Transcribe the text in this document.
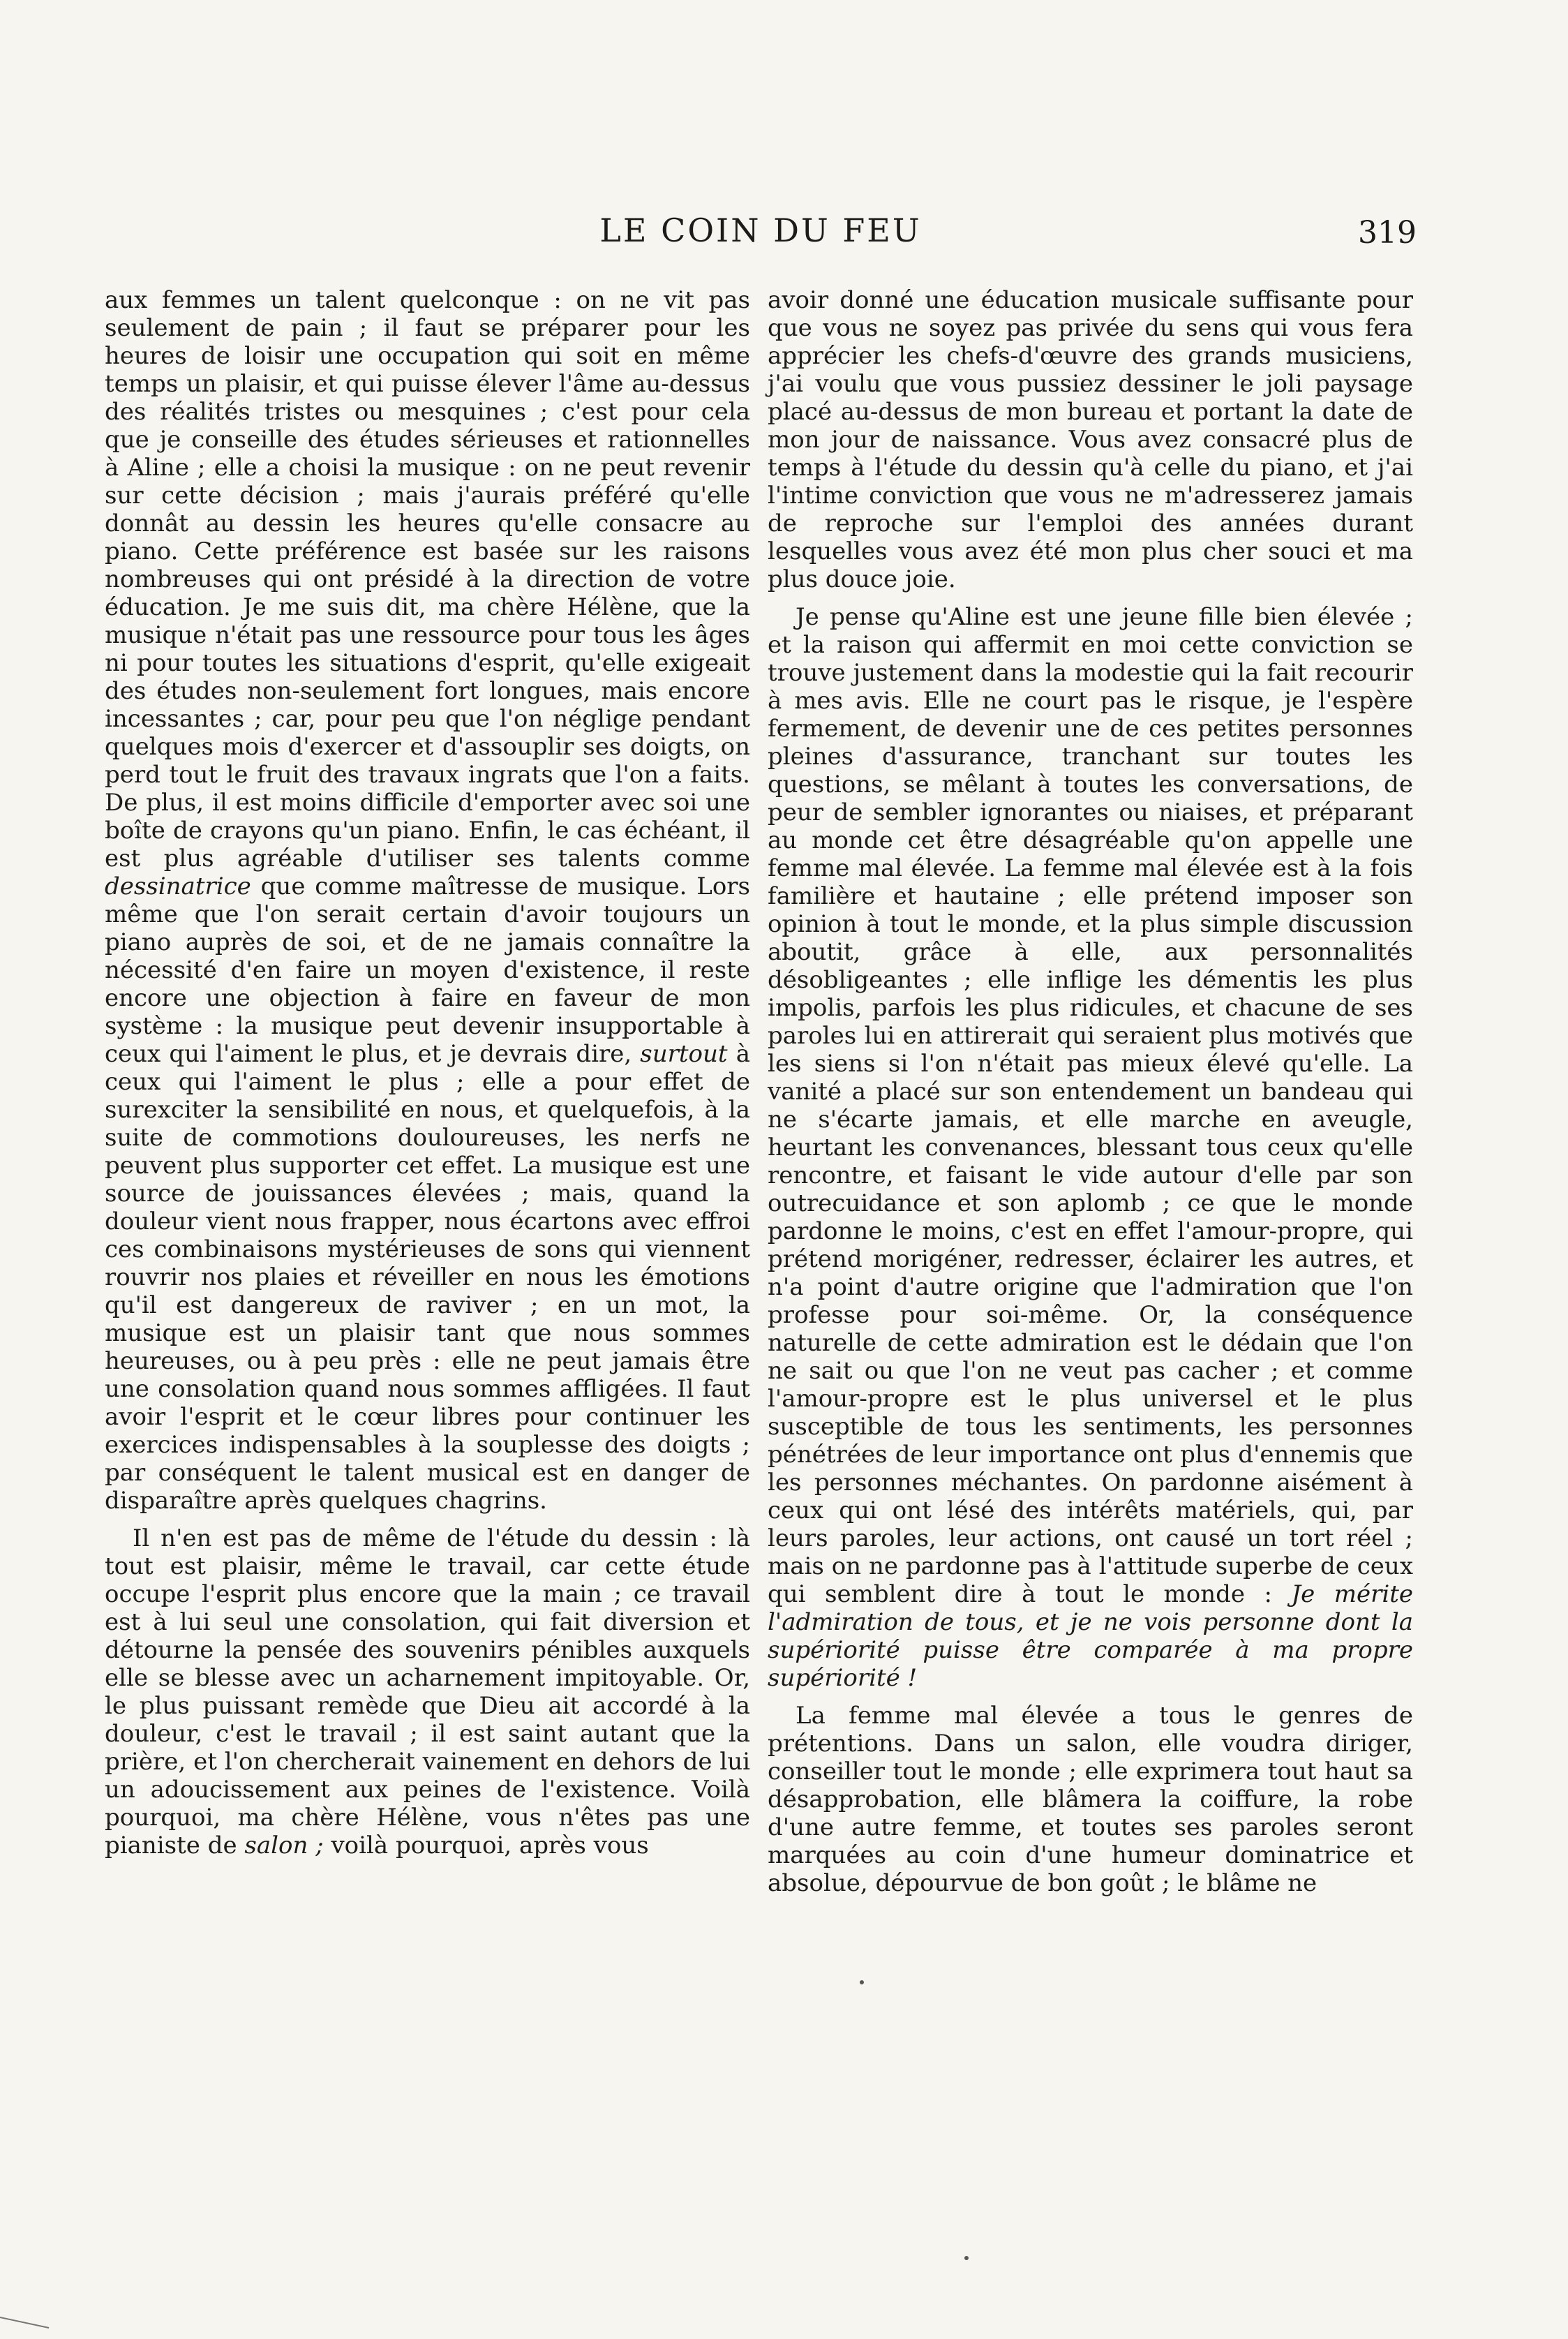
LE COIN DU FEU	319

aux femmes un talent quelconque : on ne vit pas seulement de pain ; il faut se préparer pour les heures de loisir une occupation qui soit en même temps un plaisir, et qui puisse élever l'âme au-dessus des réalités tristes ou mesquines ; c'est pour cela que je conseille des études sérieuses et rationnelles à Aline ; elle a choisi la musique : on ne peut revenir sur cette décision ; mais j'aurais préféré qu'elle donnât au dessin les heures qu'elle consacre au piano. Cette préférence est basée sur les raisons nombreuses qui ont présidé à la direction de votre éducation. Je me suis dit, ma chère Hélène, que la musique n'était pas une ressource pour tous les âges ni pour toutes les situations d'esprit, qu'elle exigeait des études non-seulement fort longues, mais encore incessantes ; car, pour peu que l'on néglige pendant quelques mois d'exercer et d'assouplir ses doigts, on perd tout le fruit des travaux ingrats que l'on a faits. De plus, il est moins difficile d'emporter avec soi une boîte de crayons qu'un piano. Enfin, le cas échéant, il est plus agréable d'utiliser ses talents comme dessinatrice que comme maîtresse de musique. Lors même que l'on serait certain d'avoir toujours un piano auprès de soi, et de ne jamais connaître la nécessité d'en faire un moyen d'existence, il reste encore une objection à faire en faveur de mon système : la musique peut devenir insupportable à ceux qui l'aiment le plus, et je devrais dire, surtout à ceux qui l'aiment le plus ; elle a pour effet de surexciter la sensibilité en nous, et quelquefois, à la suite de commotions douloureuses, les nerfs ne peuvent plus supporter cet effet. La musique est une source de jouissances élevées ; mais, quand la douleur vient nous frapper, nous écartons avec effroi ces combinaisons mystérieuses de sons qui viennent rouvrir nos plaies et réveiller en nous les émotions qu'il est dangereux de raviver ; en un mot, la musique est un plaisir tant que nous sommes heureuses, ou à peu près : elle ne peut jamais être une consolation quand nous sommes affligées. Il faut avoir l'esprit et le cœur libres pour continuer les exercices indispensables à la souplesse des doigts ; par conséquent le talent musical est en danger de disparaître après quelques chagrins.

Il n'en est pas de même de l'étude du dessin : là tout est plaisir, même le travail, car cette étude occupe l'esprit plus encore que la main ; ce travail est à lui seul une consolation, qui fait diversion et détourne la pensée des souvenirs pénibles auxquels elle se blesse avec un acharnement impitoyable. Or, le plus puissant remède que Dieu ait accordé à la douleur, c'est le travail ; il est saint autant que la prière, et l'on chercherait vainement en dehors de lui un adoucissement aux peines de l'existence. Voilà pourquoi, ma chère Hélène, vous n'êtes pas une pianiste de salon ; voilà pourquoi, après vous

avoir donné une éducation musicale suffisante pour que vous ne soyez pas privée du sens qui vous fera apprécier les chefs-d'œuvre des grands musiciens, j'ai voulu que vous pussiez dessiner le joli paysage placé au-dessus de mon bureau et portant la date de mon jour de naissance. Vous avez consacré plus de temps à l'étude du dessin qu'à celle du piano, et j'ai l'intime conviction que vous ne m'adresserez jamais de reproche sur l'emploi des années durant lesquelles vous avez été mon plus cher souci et ma plus douce joie.

Je pense qu'Aline est une jeune fille bien élevée ; et la raison qui affermit en moi cette conviction se trouve justement dans la modestie qui la fait recourir à mes avis. Elle ne court pas le risque, je l'espère fermement, de devenir une de ces petites personnes pleines d'assurance, tranchant sur toutes les questions, se mêlant à toutes les conversations, de peur de sembler ignorantes ou niaises, et préparant au monde cet être désagréable qu'on appelle une femme mal élevée. La femme mal élevée est à la fois familière et hautaine ; elle prétend imposer son opinion à tout le monde, et la plus simple discussion aboutit, grâce à elle, aux personnalités désobligeantes ; elle inflige les démentis les plus impolis, parfois les plus ridicules, et chacune de ses paroles lui en attirerait qui seraient plus motivés que les siens si l'on n'était pas mieux élevé qu'elle. La vanité a placé sur son entendement un bandeau qui ne s'écarte jamais, et elle marche en aveugle, heurtant les convenances, blessant tous ceux qu'elle rencontre, et faisant le vide autour d'elle par son outrecuidance et son aplomb ; ce que le monde pardonne le moins, c'est en effet l'amour-propre, qui prétend morigéner, redresser, éclairer les autres, et n'a point d'autre origine que l'admiration que l'on professe pour soi-même. Or, la conséquence naturelle de cette admiration est le dédain que l'on ne sait ou que l'on ne veut pas cacher ; et comme l'amour-propre est le plus universel et le plus susceptible de tous les sentiments, les personnes pénétrées de leur importance ont plus d'ennemis que les personnes méchantes. On pardonne aisément à ceux qui ont lésé des intérêts matériels, qui, par leurs paroles, leur actions, ont causé un tort réel ; mais on ne pardonne pas à l'attitude superbe de ceux qui semblent dire à tout le monde : Je mérite l'admiration de tous, et je ne vois personne dont la supériorité puisse être comparée à ma propre supériorité !

La femme mal élevée a tous le genres de prétentions. Dans un salon, elle voudra diriger, conseiller tout le monde ; elle exprimera tout haut sa désapprobation, elle blâmera la coiffure, la robe d'une autre femme, et toutes ses paroles seront marquées au coin d'une humeur dominatrice et absolue, dépourvue de bon goût ; le blâme ne
